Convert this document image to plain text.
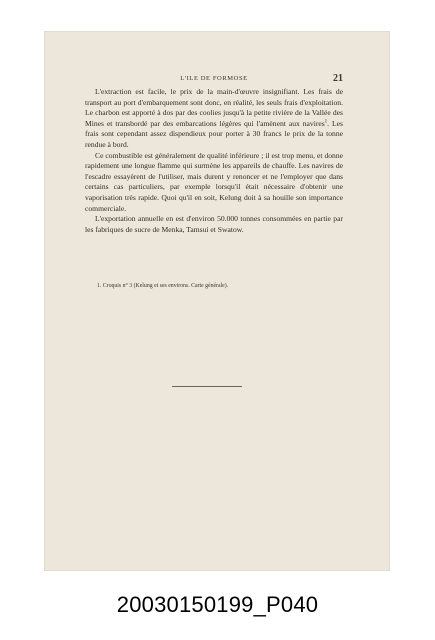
L'ILE DE FORMOSE	21

L'extraction est facile, le prix de la main-d'œuvre insignifiant. Les frais de transport au port d'embarquement sont donc, en réalité, les seuls frais d'exploitation. Le charbon est apporté à dos par des coolies jusqu'à la petite rivière de la Vallée des Mines et transbordé par des embarcations légères qui l'amènent aux navires$^1$. Les frais sont cependant assez dispendieux pour porter à 30 francs le prix de la tonne rendue à bord.

Ce combustible est généralement de qualité inférieure ; il est trop menu, et donne rapidement une longue flamme qui surmène les appareils de chauffe. Les navires de l'escadre essayèrent de l'utiliser, mais durent y renoncer et ne l'employer que dans certains cas particuliers, par exemple lorsqu'il était nécessaire d'obtenir une vaporisation très rapide. Quoi qu'il en soit, Kelung doit à sa houille son importance commerciale.

L'exportation annuelle en est d'environ 50.000 tonnes consommées en partie par les fabriques de sucre de Menka, Tamsui et Swatow.

1. Croquis n° 3 (Kelung et ses environs. Carte générale).
20030150199_P040
